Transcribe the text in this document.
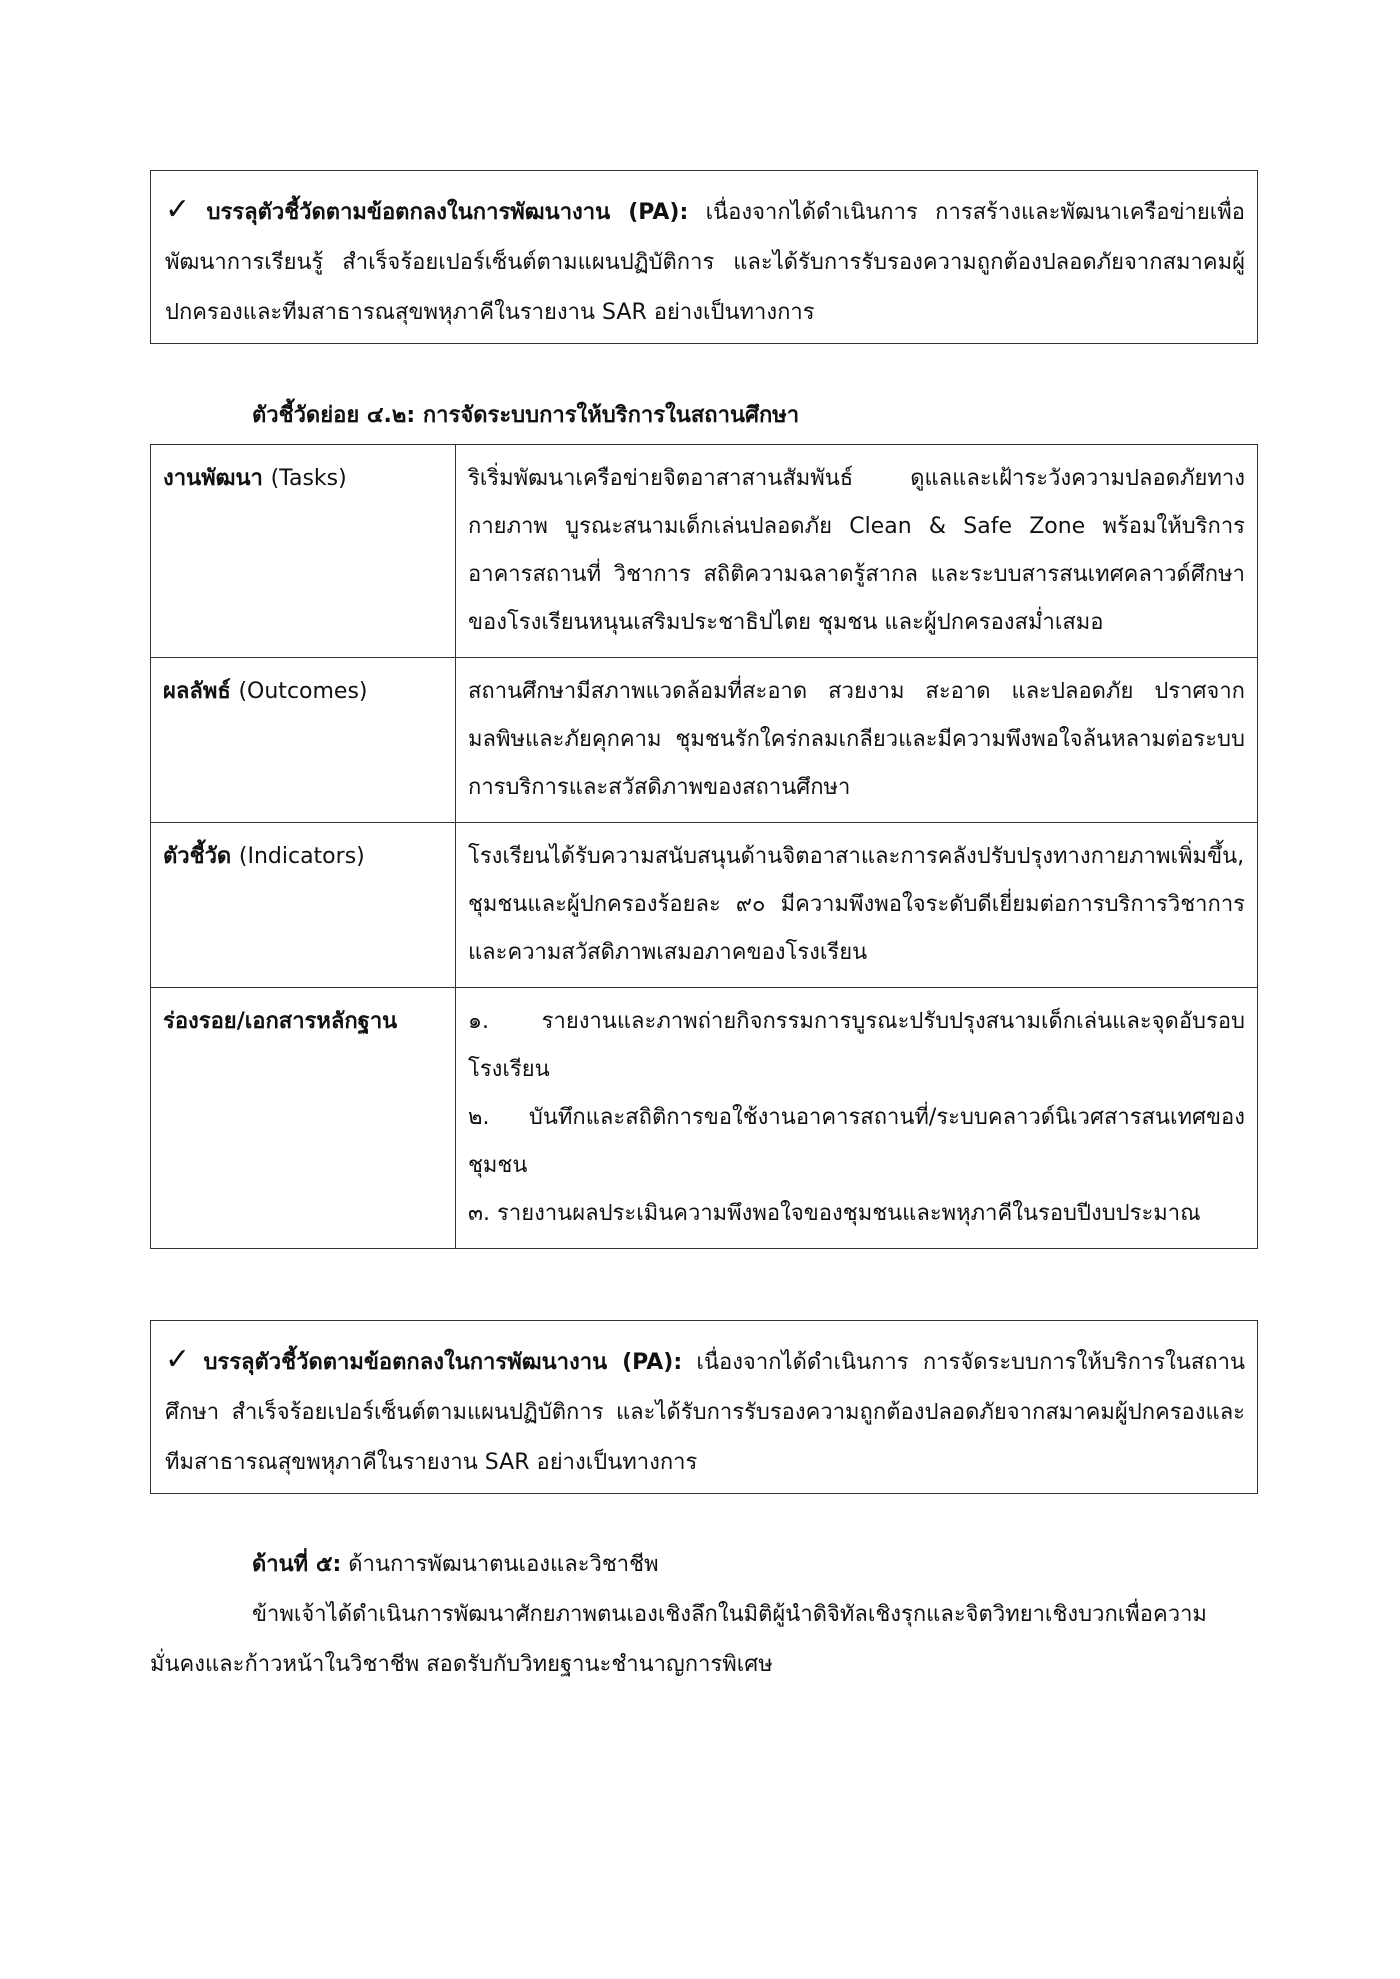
✓ บรรลุตัวชี้วัดตามข้อตกลงในการพัฒนางาน (PA): เนื่องจากได้ดำเนินการ การสร้างและพัฒนาเครือข่ายเพื่อพัฒนาการเรียนรู้ สำเร็จร้อยเปอร์เซ็นต์ตามแผนปฏิบัติการ และได้รับการรับรองความถูกต้องปลอดภัยจากสมาคมผู้ปกครองและทีมสาธารณสุขพหุภาคีในรายงาน SAR อย่างเป็นทางการ

ตัวชี้วัดย่อย ๔.๒: การจัดระบบการให้บริการในสถานศึกษา
งานพัฒนา (Tasks)	ริเริ่มพัฒนาเครือข่ายจิตอาสาสานสัมพันธ์ ดูแลและเฝ้าระวังความปลอดภัยทางกายภาพ บูรณะสนามเด็กเล่นปลอดภัย Clean & Safe Zone พร้อมให้บริการอาคารสถานที่ วิชาการ สถิติความฉลาดรู้สากล และระบบสารสนเทศคลาวด์ศึกษาของโรงเรียนหนุนเสริมประชาธิปไตย ชุมชน และผู้ปกครองสม่ำเสมอ
ผลลัพธ์ (Outcomes)	สถานศึกษามีสภาพแวดล้อมที่สะอาด สวยงาม สะอาด และปลอดภัย ปราศจากมลพิษและภัยคุกคาม ชุมชนรักใคร่กลมเกลียวและมีความพึงพอใจล้นหลามต่อระบบการบริการและสวัสดิภาพของสถานศึกษา
ตัวชี้วัด (Indicators)	โรงเรียนได้รับความสนับสนุนด้านจิตอาสาและการคลังปรับปรุงทางกายภาพเพิ่มขึ้น, ชุมชนและผู้ปกครองร้อยละ ๙๐ มีความพึงพอใจระดับดีเยี่ยมต่อการบริการวิชาการและความสวัสดิภาพเสมอภาคของโรงเรียน
ร่องรอย/เอกสารหลักฐาน	๑. รายงานและภาพถ่ายกิจกรรมการบูรณะปรับปรุงสนามเด็กเล่นและจุดอับรอบโรงเรียน
๒. บันทึกและสถิติการขอใช้งานอาคารสถานที่/ระบบคลาวด์นิเวศสารสนเทศของชุมชน
๓. รายงานผลประเมินความพึงพอใจของชุมชนและพหุภาคีในรอบปีงบประมาณ

✓ บรรลุตัวชี้วัดตามข้อตกลงในการพัฒนางาน (PA): เนื่องจากได้ดำเนินการ การจัดระบบการให้บริการในสถานศึกษา สำเร็จร้อยเปอร์เซ็นต์ตามแผนปฏิบัติการ และได้รับการรับรองความถูกต้องปลอดภัยจากสมาคมผู้ปกครองและทีมสาธารณสุขพหุภาคีในรายงาน SAR อย่างเป็นทางการ

ด้านที่ ๕: ด้านการพัฒนาตนเองและวิชาชีพ

ข้าพเจ้าได้ดำเนินการพัฒนาศักยภาพตนเองเชิงลึกในมิติผู้นำดิจิทัลเชิงรุกและจิตวิทยาเชิงบวกเพื่อความมั่นคงและก้าวหน้าในวิชาชีพ สอดรับกับวิทยฐานะชำนาญการพิเศษ
